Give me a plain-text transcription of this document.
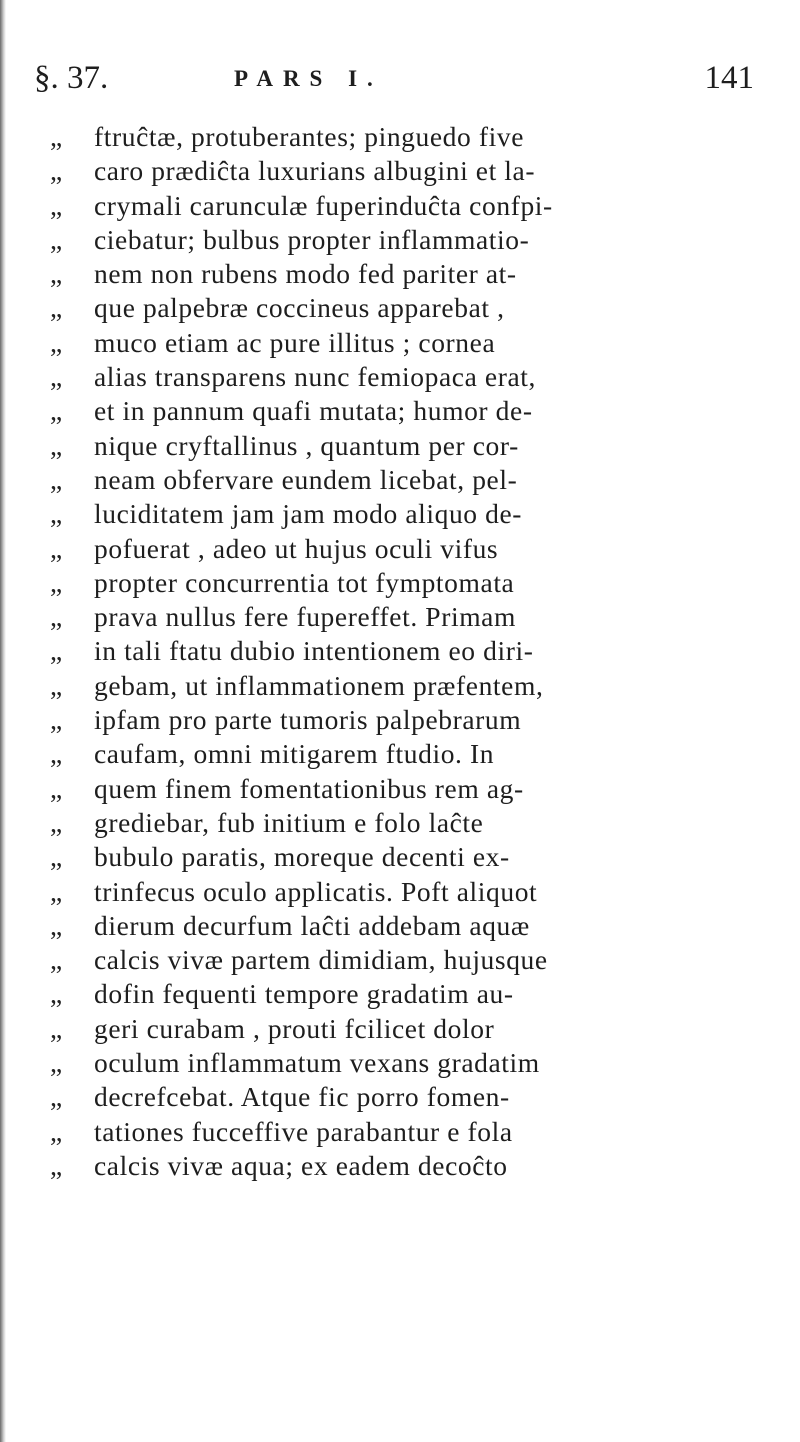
§. 37.	PARS I.	141
„	ftruĉtæ, protuberantes; pinguedo five
„	caro prædiĉta luxurians albugini et la-
„	crymali carunculæ fuperinduĉta confpi-
„	ciebatur; bulbus propter inflammatio-
„	nem non rubens modo fed pariter at-
„	que palpebræ coccineus apparebat ,
„	muco etiam ac pure illitus ; cornea
„	alias transparens nunc femiopaca erat,
„	et in pannum quafi mutata; humor de-
„	nique cryftallinus , quantum per cor-
„	neam obfervare eundem licebat, pel-
„	luciditatem jam jam modo aliquo de-
„	pofuerat , adeo ut hujus oculi vifus
„	propter concurrentia tot fymptomata
„	prava nullus fere fupereffet. Primam
„	in tali ftatu dubio intentionem eo diri-
„	gebam, ut inflammationem præfentem,
„	ipfam pro parte tumoris palpebrarum
„	caufam, omni mitigarem ftudio. In
„	quem finem fomentationibus rem ag-
„	grediebar, fub initium e folo laĉte
„	bubulo paratis, moreque decenti ex-
„	trinfecus oculo applicatis. Poft aliquot
„	dierum decurfum laĉti addebam aquæ
„	calcis vivæ partem dimidiam, hujusque
„	dofin fequenti tempore gradatim au-
„	geri curabam , prouti fcilicet dolor
„	oculum inflammatum vexans gradatim
„	decrefcebat. Atque fic porro fomen-
„	tationes fucceffive parabantur e fola
„	calcis vivæ aqua; ex eadem decoĉto
